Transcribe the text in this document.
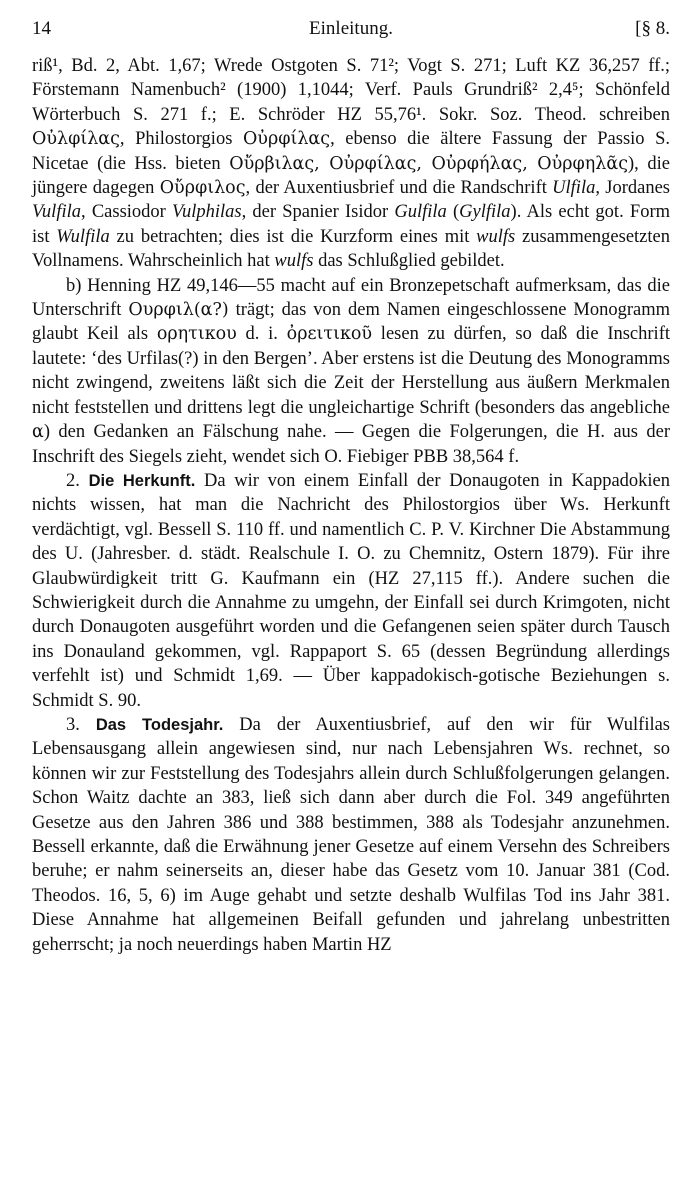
14	Einleitung.	[§ 8.

riß¹, Bd. 2, Abt. 1,67; Wrede Ostgoten S. 71²; Vogt S. 271; Luft KZ 36,257 ff.; Förstemann Namenbuch² (1900) 1,1044; Verf. Pauls Grundriß² 2,4⁵; Schönfeld Wörterbuch S. 271 f.; E. Schröder HZ 55,76¹. Sokr. Soz. Theod. schreiben Οὐλφίλας, Philostorgios Οὐρφίλας, ebenso die ältere Fassung der Passio S. Nicetae (die Hss. bieten Οὔρβιλας, Οὐρφίλας, Οὐρφήλας, Οὐρφηλᾶς), die jüngere dagegen Οὔρφιλος, der Auxentiusbrief und die Randschrift Ulfila, Jordanes Vulfila, Cassiodor Vulphilas, der Spanier Isidor Gulfila (Gylfila). Als echt got. Form ist Wulfila zu betrachten; dies ist die Kurzform eines mit wulfs zusammengesetzten Vollnamens. Wahrscheinlich hat wulfs das Schlußglied gebildet.

b) Henning HZ 49,146—55 macht auf ein Bronzepetschaft aufmerksam, das die Unterschrift Ουρφιλ(α?) trägt; das von dem Namen eingeschlossene Monogramm glaubt Keil als ορητικου d. i. ὀρειτικοῦ lesen zu dürfen, so daß die Inschrift lautete: ‘des Urfilas(?) in den Bergen’. Aber erstens ist die Deutung des Monogramms nicht zwingend, zweitens läßt sich die Zeit der Herstellung aus äußern Merkmalen nicht feststellen und drittens legt die ungleichartige Schrift (besonders das angebliche α) den Gedanken an Fälschung nahe. — Gegen die Folgerungen, die H. aus der Inschrift des Siegels zieht, wendet sich O. Fiebiger PBB 38,564 f.

2. Die Herkunft. Da wir von einem Einfall der Donaugoten in Kappadokien nichts wissen, hat man die Nachricht des Philostorgios über Ws. Herkunft verdächtigt, vgl. Bessell S. 110 ff. und namentlich C. P. V. Kirchner Die Abstammung des U. (Jahresber. d. städt. Realschule I. O. zu Chemnitz, Ostern 1879). Für ihre Glaubwürdigkeit tritt G. Kaufmann ein (HZ 27,115 ff.). Andere suchen die Schwierigkeit durch die Annahme zu umgehn, der Einfall sei durch Krimgoten, nicht durch Donaugoten ausgeführt worden und die Gefangenen seien später durch Tausch ins Donauland gekommen, vgl. Rappaport S. 65 (dessen Begründung allerdings verfehlt ist) und Schmidt 1,69. — Über kappadokisch-gotische Beziehungen s. Schmidt S. 90.

3. Das Todesjahr. Da der Auxentiusbrief, auf den wir für Wulfilas Lebensausgang allein angewiesen sind, nur nach Lebensjahren Ws. rechnet, so können wir zur Feststellung des Todesjahrs allein durch Schlußfolgerungen gelangen. Schon Waitz dachte an 383, ließ sich dann aber durch die Fol. 349 angeführten Gesetze aus den Jahren 386 und 388 bestimmen, 388 als Todesjahr anzunehmen. Bessell erkannte, daß die Erwähnung jener Gesetze auf einem Versehn des Schreibers beruhe; er nahm seinerseits an, dieser habe das Gesetz vom 10. Januar 381 (Cod. Theodos. 16, 5, 6) im Auge gehabt und setzte deshalb Wulfilas Tod ins Jahr 381. Diese Annahme hat allgemeinen Beifall gefunden und jahrelang unbestritten geherrscht; ja noch neuerdings haben Martin HZ
